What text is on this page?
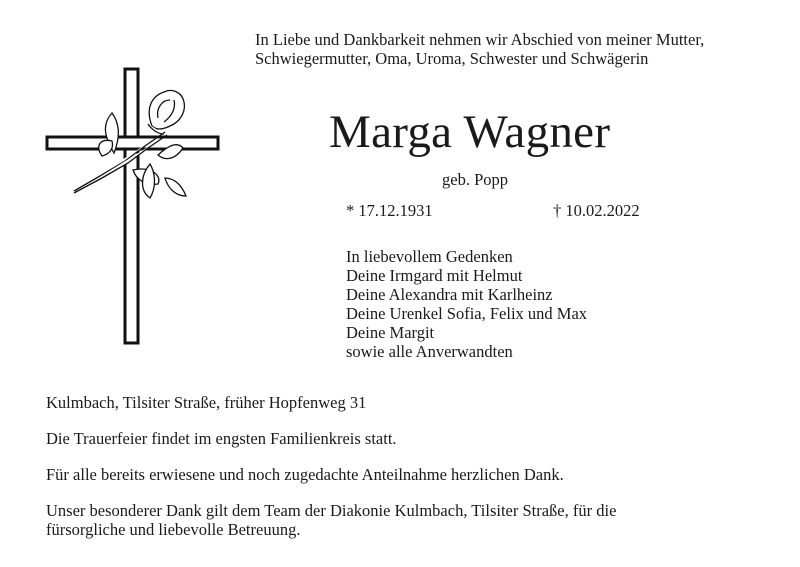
In Liebe und Dankbarkeit nehmen wir Abschied von meiner Mutter,
Schwiegermutter, Oma, Uroma, Schwester und Schwägerin
Marga Wagner
geb. Popp
* 17.12.1931	† 10.02.2022
In liebevollem Gedenken
Deine Irmgard mit Helmut
Deine Alexandra mit Karlheinz
Deine Urenkel Sofia, Felix und Max
Deine Margit
sowie alle Anverwandten
Kulmbach, Tilsiter Straße, früher Hopfenweg 31
Die Trauerfeier findet im engsten Familienkreis statt.
Für alle bereits erwiesene und noch zugedachte Anteilnahme herzlichen Dank.
Unser besonderer Dank gilt dem Team der Diakonie Kulmbach, Tilsiter Straße, für die
fürsorgliche und liebevolle Betreuung.
